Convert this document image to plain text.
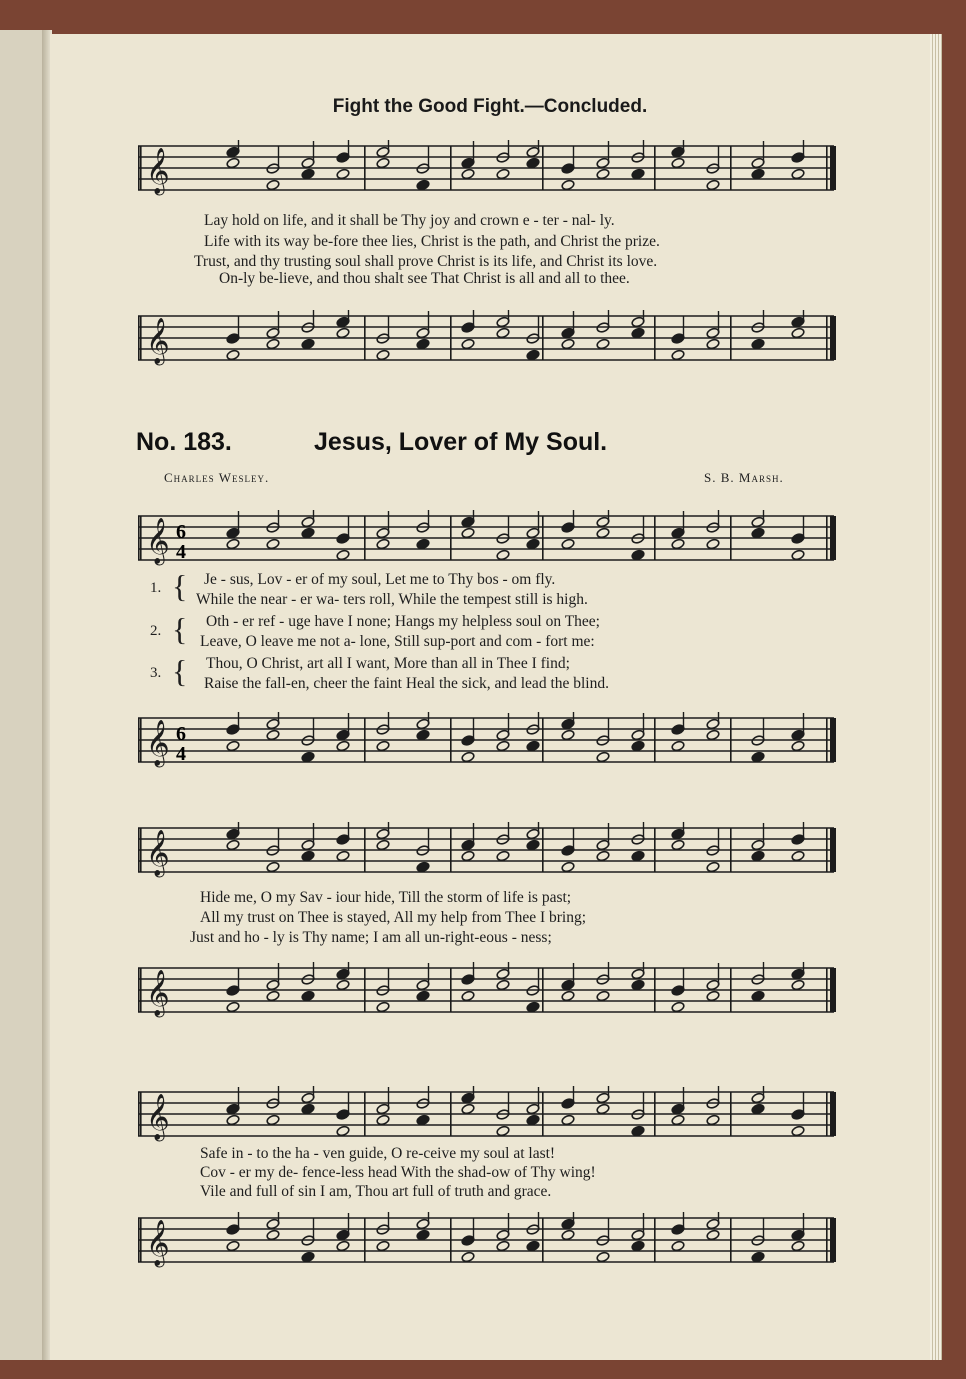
Fight the Good Fight.—Concluded.
𝄞
Lay hold on life, and it shall be Thy joy and crown e - ter - nal- ly.
Life with its way be-fore thee lies, Christ is the path, and Christ the prize.
Trust, and thy trusting soul shall prove Christ is its life, and Christ its love.
On-ly be-lieve, and thou shalt see That Christ is all and all to thee.
𝄞
No. 183.	Jesus, Lover of My Soul.
Charles Wesley.	S. B. Marsh.
𝄞 6
4
1. { Je - sus, Lov - er of my soul, Let me to Thy bos - om fly.
While the near - er wa- ters roll, While the tempest still is high.
2. { Oth - er ref - uge have I none; Hangs my helpless soul on Thee;
Leave, O leave me not a- lone, Still sup-port and com - fort me:
3. { Thou, O Christ, art all I want, More than all in Thee I find;
Raise the fall-en, cheer the faint Heal the sick, and lead the blind.
𝄞 6
4
𝄞
Hide me, O my Sav - iour hide, Till the storm of life is past;
All my trust on Thee is stayed, All my help from Thee I bring;
Just and ho - ly is Thy name; I am all un-right-eous - ness;
𝄞
𝄞
Safe in - to the ha - ven guide, O re-ceive my soul at last!
Cov - er my de- fence-less head With the shad-ow of Thy wing!
Vile and full of sin I am, Thou art full of truth and grace.
𝄞
